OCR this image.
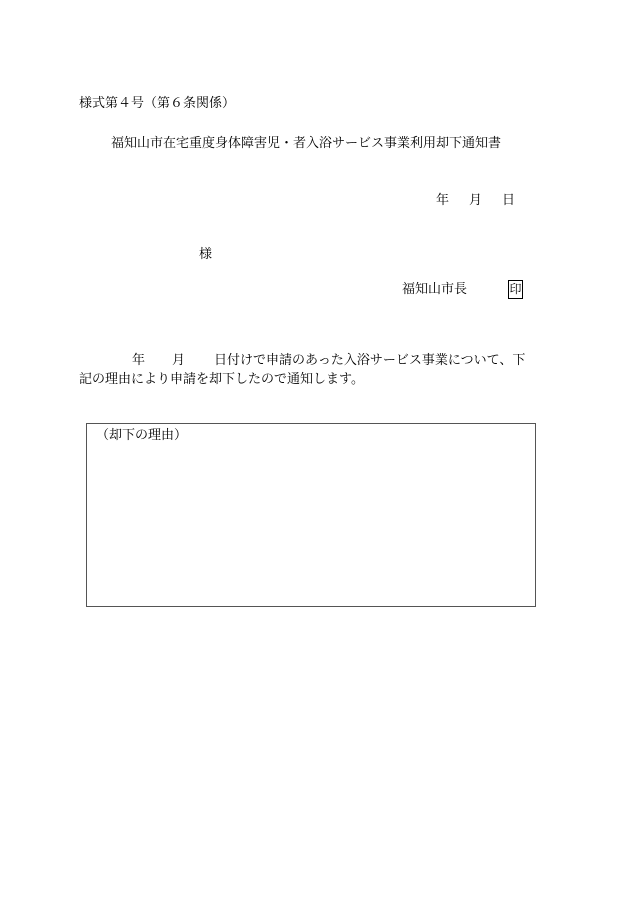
様式第４号（第６条関係）
福知山市在宅重度身体障害児・者入浴サービス事業利用却下通知書
年 月 日
様
福知山市長	印
年 月 日付けで申請のあった入浴サービス事業について、下
記の理由により申請を却下したので通知します。
（却下の理由）
